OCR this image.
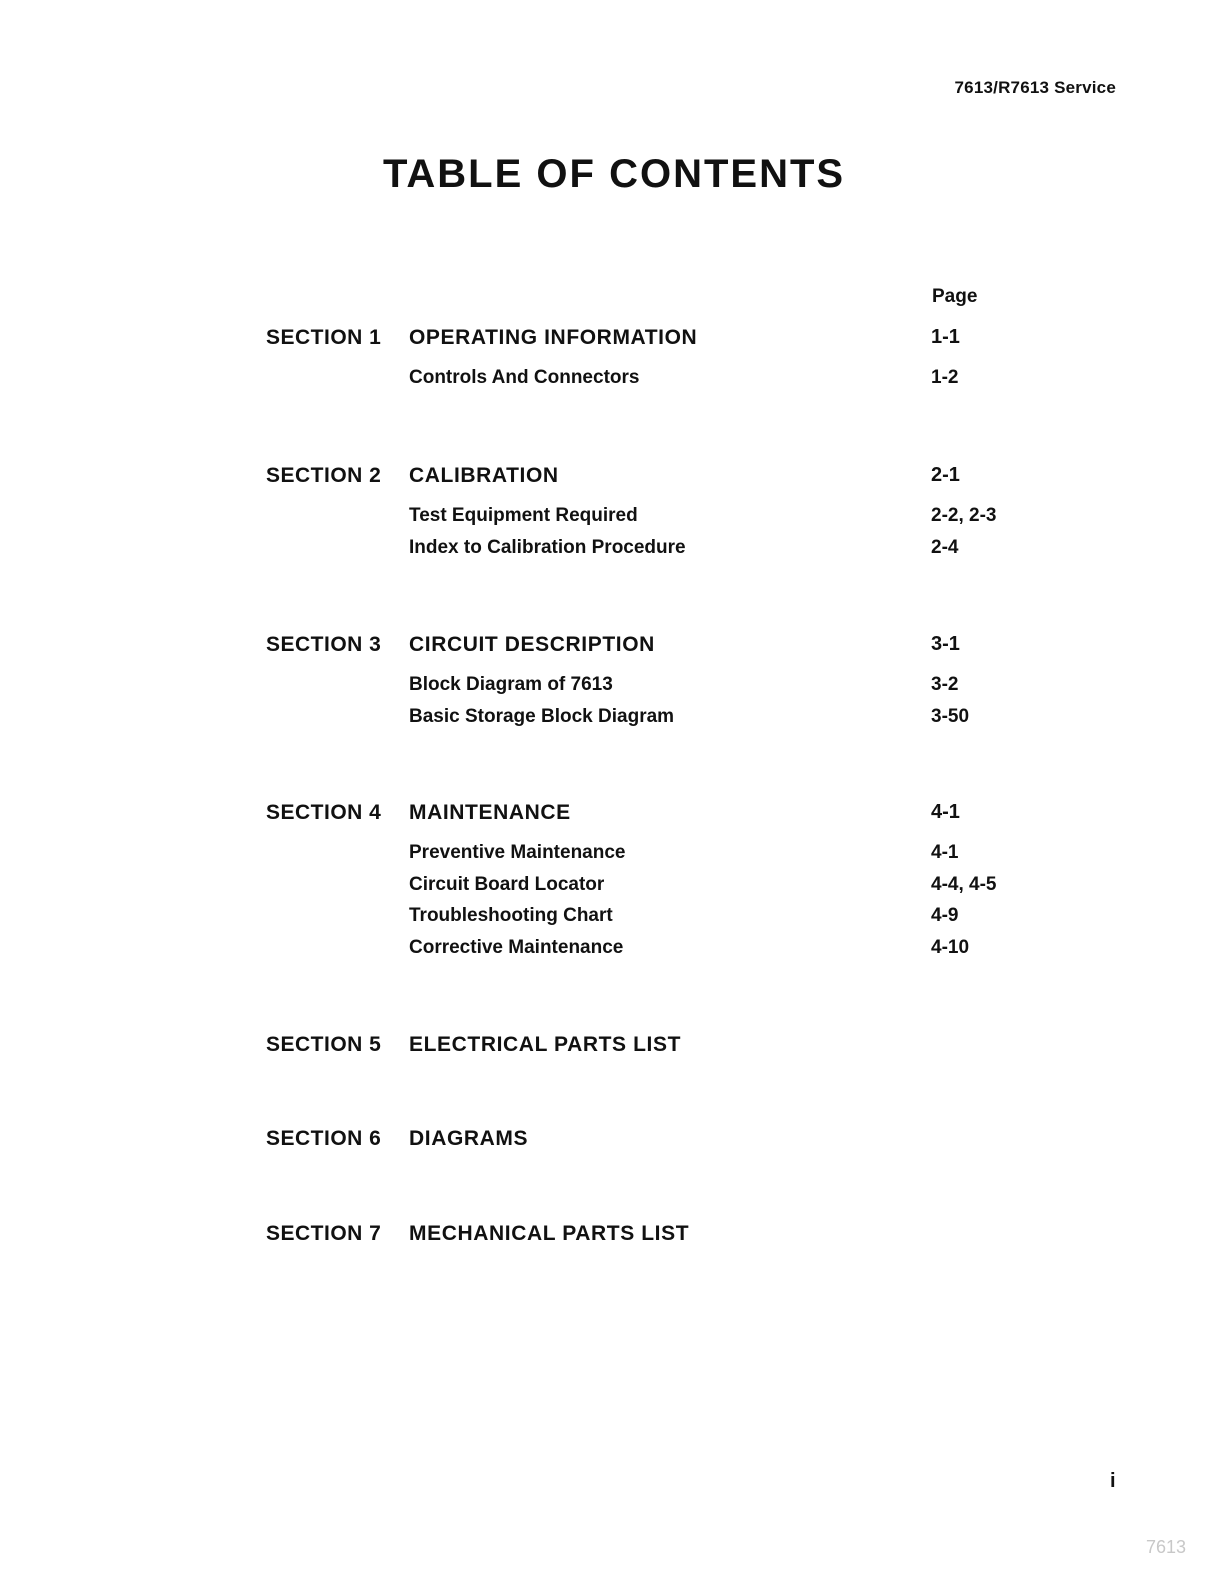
7613/R7613 Service
TABLE OF CONTENTS
Page
SECTION 1 OPERATING INFORMATION	1-1
Controls And Connectors	1-2
SECTION 2 CALIBRATION	2-1
Test Equipment Required	2-2, 2-3
Index to Calibration Procedure	2-4
SECTION 3 CIRCUIT DESCRIPTION	3-1
Block Diagram of 7613	3-2
Basic Storage Block Diagram	3-50
SECTION 4 MAINTENANCE	4-1
Preventive Maintenance	4-1
Circuit Board Locator	4-4, 4-5
Troubleshooting Chart	4-9
Corrective Maintenance	4-10
SECTION 5 ELECTRICAL PARTS LIST
SECTION 6 DIAGRAMS
SECTION 7 MECHANICAL PARTS LIST
i
7613
